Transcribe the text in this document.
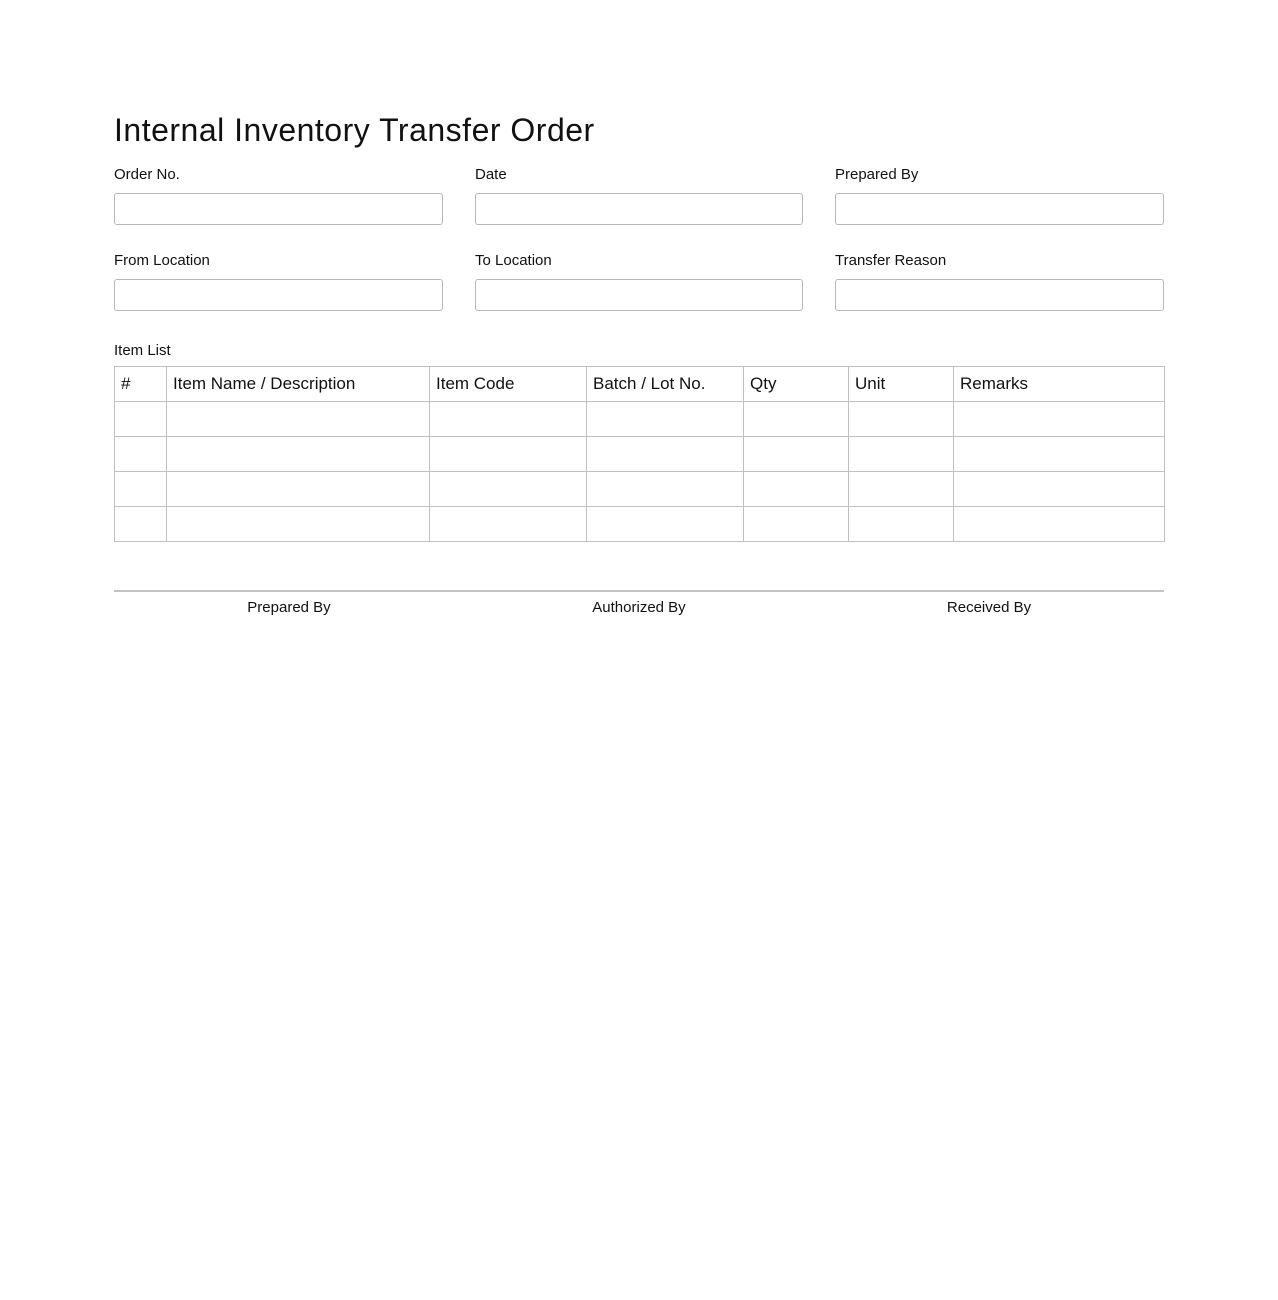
Internal Inventory Transfer Order
Order No.	Date	Prepared By
From Location	To Location	Transfer Reason
Item List
#	Item Name / Description	Item Code	Batch / Lot No.	Qty	Unit	Remarks

Prepared By	Authorized By	Received By
